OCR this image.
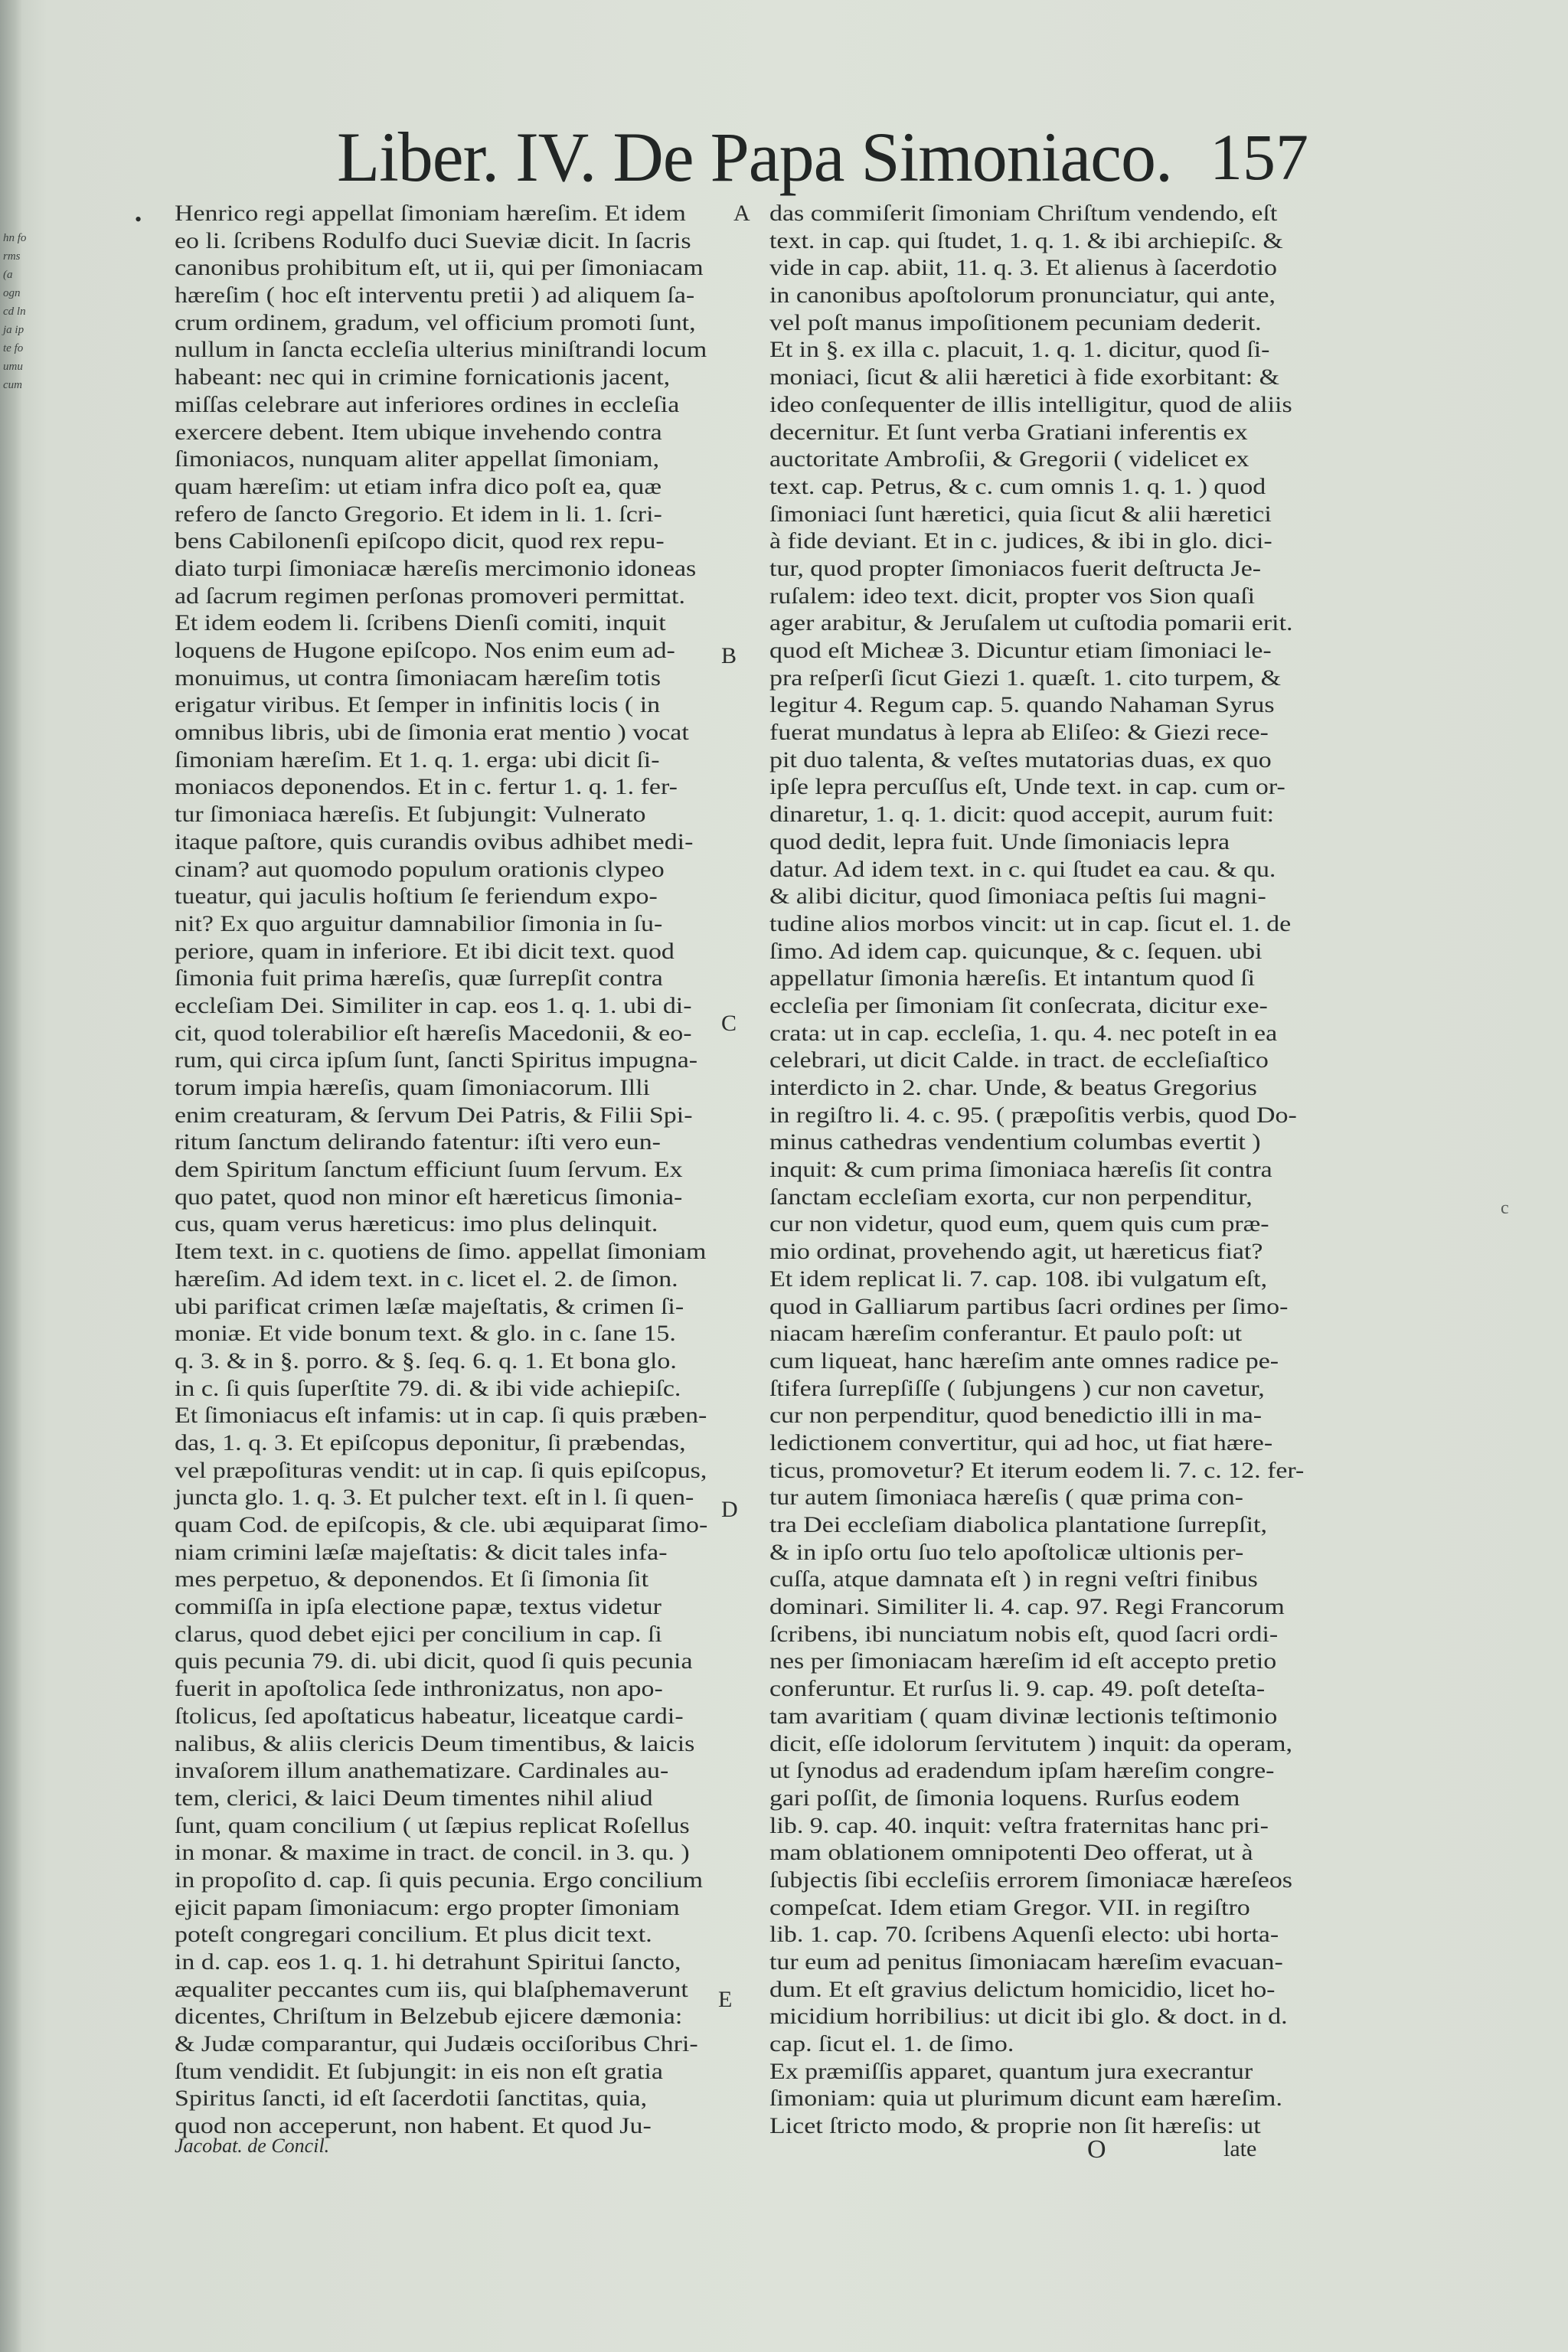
hn fo
rms
(a
ogn
cd ln
ja ip
te fo
umu
cum
Liber. IV. De Papa Simoniaco. 157
• Henrico regi appellat ſimoniam hæreſim. Et idem
eo li. ſcribens Rodulfo duci Sueviæ dicit. In ſacris
canonibus prohibitum eſt, ut ii, qui per ſimoniacam
hæreſim ( hoc eſt interventu pretii ) ad aliquem ſa-
crum ordinem, gradum, vel officium promoti ſunt,
nullum in ſancta eccleſia ulterius miniſtrandi locum
habeant: nec qui in crimine fornicationis jacent,
miſſas celebrare aut inferiores ordines in eccleſia
exercere debent. Item ubique invehendo contra
ſimoniacos, nunquam aliter appellat ſimoniam,
quam hæreſim: ut etiam infra dico poſt ea, quæ
refero de ſancto Gregorio. Et idem in li. 1. ſcri-
bens Cabilonenſi epiſcopo dicit, quod rex repu-
diato turpi ſimoniacæ hæreſis mercimonio idoneas
ad ſacrum regimen perſonas promoveri permittat.
Et idem eodem li. ſcribens Dienſi comiti, inquit
loquens de Hugone epiſcopo. Nos enim eum ad-
monuimus, ut contra ſimoniacam hæreſim totis
erigatur viribus. Et ſemper in infinitis locis ( in
omnibus libris, ubi de ſimonia erat mentio ) vocat
ſimoniam hæreſim. Et 1. q. 1. erga: ubi dicit ſi-
moniacos deponendos. Et in c. fertur 1. q. 1. fer-
tur ſimoniaca hæreſis. Et ſubjungit: Vulnerato
itaque paſtore, quis curandis ovibus adhibet medi-
cinam? aut quomodo populum orationis clypeo
tueatur, qui jaculis hoſtium ſe feriendum expo-
nit? Ex quo arguitur damnabilior ſimonia in ſu-
periore, quam in inferiore. Et ibi dicit text. quod
ſimonia fuit prima hæreſis, quæ ſurrepſit contra
eccleſiam Dei. Similiter in cap. eos 1. q. 1. ubi di-
cit, quod tolerabilior eſt hæreſis Macedonii, & eo-
rum, qui circa ipſum ſunt, ſancti Spiritus impugna-
torum impia hæreſis, quam ſimoniacorum. Illi
enim creaturam, & ſervum Dei Patris, & Filii Spi-
ritum ſanctum delirando fatentur: iſti vero eun-
dem Spiritum ſanctum efficiunt ſuum ſervum. Ex
quo patet, quod non minor eſt hæreticus ſimonia-
cus, quam verus hæreticus: imo plus delinquit.
Item text. in c. quotiens de ſimo. appellat ſimoniam
hæreſim. Ad idem text. in c. licet el. 2. de ſimon.
ubi parificat crimen læſæ majeſtatis, & crimen ſi-
moniæ. Et vide bonum text. & glo. in c. ſane 15.
q. 3. & in §. porro. & §. ſeq. 6. q. 1. Et bona glo.
in c. ſi quis ſuperſtite 79. di. & ibi vide achiepiſc.
Et ſimoniacus eſt infamis: ut in cap. ſi quis præben-
das, 1. q. 3. Et epiſcopus deponitur, ſi præbendas,
vel præpoſituras vendit: ut in cap. ſi quis epiſcopus,
juncta glo. 1. q. 3. Et pulcher text. eſt in l. ſi quen-
quam Cod. de epiſcopis, & cle. ubi æquiparat ſimo-
niam crimini læſæ majeſtatis: & dicit tales infa-
mes perpetuo, & deponendos. Et ſi ſimonia ſit
commiſſa in ipſa electione papæ, textus videtur
clarus, quod debet ejici per concilium in cap. ſi
quis pecunia 79. di. ubi dicit, quod ſi quis pecunia
fuerit in apoſtolica ſede inthronizatus, non apo-
ſtolicus, ſed apoſtaticus habeatur, liceatque cardi-
nalibus, & aliis clericis Deum timentibus, & laicis
invaſorem illum anathematizare. Cardinales au-
tem, clerici, & laici Deum timentes nihil aliud
ſunt, quam concilium ( ut ſæpius replicat Roſellus
in monar. & maxime in tract. de concil. in 3. qu. )
in propoſito d. cap. ſi quis pecunia. Ergo concilium
ejicit papam ſimoniacum: ergo propter ſimoniam
poteſt congregari concilium. Et plus dicit text.
in d. cap. eos 1. q. 1. hi detrahunt Spiritui ſancto,
æqualiter peccantes cum iis, qui blaſphemaverunt
dicentes, Chriſtum in Belzebub ejicere dæmonia:
& Judæ comparantur, qui Judæis occiſoribus Chri-
ſtum vendidit. Et ſubjungit: in eis non eſt gratia
Spiritus ſancti, id eſt ſacerdotii ſanctitas, quia,
quod non acceperunt, non habent. Et quod Ju-
das commiſerit ſimoniam Chriſtum vendendo, eſt
text. in cap. qui ſtudet, 1. q. 1. & ibi archiepiſc. &
vide in cap. abiit, 11. q. 3. Et alienus à ſacerdotio
in canonibus apoſtolorum pronunciatur, qui ante,
vel poſt manus impoſitionem pecuniam dederit.
Et in §. ex illa c. placuit, 1. q. 1. dicitur, quod ſi-
moniaci, ſicut & alii hæretici à fide exorbitant: &
ideo conſequenter de illis intelligitur, quod de aliis
decernitur. Et ſunt verba Gratiani inferentis ex
auctoritate Ambroſii, & Gregorii ( videlicet ex
text. cap. Petrus, & c. cum omnis 1. q. 1. ) quod
ſimoniaci ſunt hæretici, quia ſicut & alii hæretici
à fide deviant. Et in c. judices, & ibi in glo. dici-
tur, quod propter ſimoniacos fuerit deſtructa Je-
ruſalem: ideo text. dicit, propter vos Sion quaſi
ager arabitur, & Jeruſalem ut cuſtodia pomarii erit.
quod eſt Micheæ 3. Dicuntur etiam ſimoniaci le-
pra reſperſi ſicut Giezi 1. quæſt. 1. cito turpem, &
legitur 4. Regum cap. 5. quando Nahaman Syrus
fuerat mundatus à lepra ab Eliſeo: & Giezi rece-
pit duo talenta, & veſtes mutatorias duas, ex quo
ipſe lepra percuſſus eſt, Unde text. in cap. cum or-
dinaretur, 1. q. 1. dicit: quod accepit, aurum fuit:
quod dedit, lepra fuit. Unde ſimoniacis lepra
datur. Ad idem text. in c. qui ſtudet ea cau. & qu.
& alibi dicitur, quod ſimoniaca peſtis ſui magni-
tudine alios morbos vincit: ut in cap. ſicut el. 1. de
ſimo. Ad idem cap. quicunque, & c. ſequen. ubi
appellatur ſimonia hæreſis. Et intantum quod ſi
eccleſia per ſimoniam ſit conſecrata, dicitur exe-
crata: ut in cap. eccleſia, 1. qu. 4. nec poteſt in ea
celebrari, ut dicit Calde. in tract. de eccleſiaſtico
interdicto in 2. char. Unde, & beatus Gregorius
in regiſtro li. 4. c. 95. ( præpoſitis verbis, quod Do-
minus cathedras vendentium columbas evertit )
inquit: & cum prima ſimoniaca hæreſis ſit contra
ſanctam eccleſiam exorta, cur non perpenditur,
cur non videtur, quod eum, quem quis cum præ-
mio ordinat, provehendo agit, ut hæreticus fiat?
Et idem replicat li. 7. cap. 108. ibi vulgatum eſt,
quod in Galliarum partibus ſacri ordines per ſimo-
niacam hæreſim conferantur. Et paulo poſt: ut
cum liqueat, hanc hæreſim ante omnes radice pe-
ſtifera ſurrepſiſſe ( ſubjungens ) cur non cavetur,
cur non perpenditur, quod benedictio illi in ma-
ledictionem convertitur, qui ad hoc, ut fiat hære-
ticus, promovetur? Et iterum eodem li. 7. c. 12. fer-
tur autem ſimoniaca hæreſis ( quæ prima con-
tra Dei eccleſiam diabolica plantatione ſurrepſit,
& in ipſo ortu ſuo telo apoſtolicæ ultionis per-
cuſſa, atque damnata eſt ) in regni veſtri finibus
dominari. Similiter li. 4. cap. 97. Regi Francorum
ſcribens, ibi nunciatum nobis eſt, quod ſacri ordi-
nes per ſimoniacam hæreſim id eſt accepto pretio
conferuntur. Et rurſus li. 9. cap. 49. poſt deteſta-
tam avaritiam ( quam divinæ lectionis teſtimonio
dicit, eſſe idolorum ſervitutem ) inquit: da operam,
ut ſynodus ad eradendum ipſam hæreſim congre-
gari poſſit, de ſimonia loquens. Rurſus eodem
lib. 9. cap. 40. inquit: veſtra fraternitas hanc pri-
mam oblationem omnipotenti Deo offerat, ut à
ſubjectis ſibi eccleſiis errorem ſimoniacæ hæreſeos
compeſcat. Idem etiam Gregor. VII. in regiſtro
lib. 1. cap. 70. ſcribens Aquenſi electo: ubi horta-
tur eum ad penitus ſimoniacam hæreſim evacuan-
dum. Et eſt gravius delictum homicidio, licet ho-
micidium horribilius: ut dicit ibi glo. & doct. in d.
cap. ſicut el. 1. de ſimo.
Ex præmiſſis apparet, quantum jura execrantur
ſimoniam: quia ut plurimum dicunt eam hæreſim.
Licet ſtricto modo, & proprie non ſit hæreſis: ut
A
B
C
D
E
c
Jacobat. de Concil.	O	late
